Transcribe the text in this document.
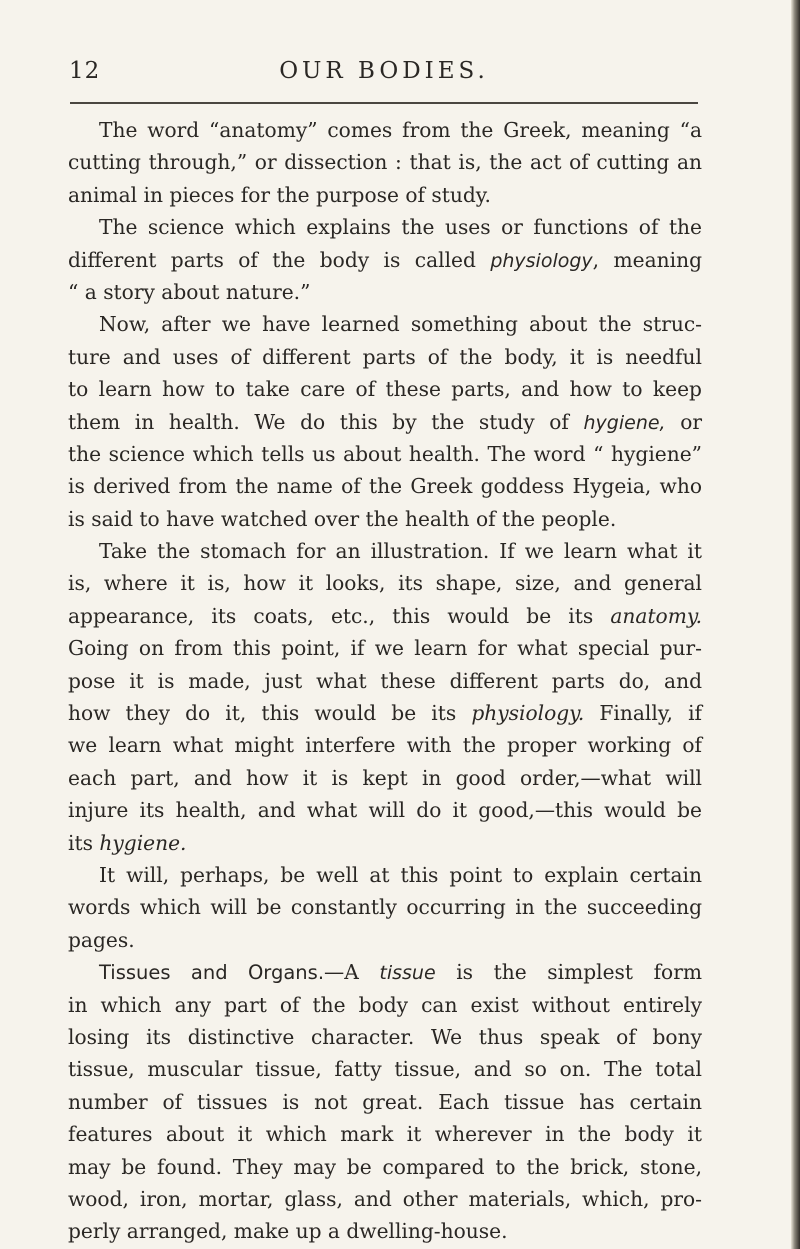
12	OUR BODIES.
The word “anatomy” comes from the Greek, meaning “a
cutting through,” or dissection : that is, the act of cutting an
animal in pieces for the purpose of study.
The science which explains the uses or functions of the
different parts of the body is called physiology, meaning
“ a story about nature.”
Now, after we have learned something about the struc-
ture and uses of different parts of the body, it is needful
to learn how to take care of these parts, and how to keep
them in health. We do this by the study of hygiene, or
the science which tells us about health. The word “ hygiene”
is derived from the name of the Greek goddess Hygeia, who
is said to have watched over the health of the people.
Take the stomach for an illustration. If we learn what it
is, where it is, how it looks, its shape, size, and general
appearance, its coats, etc., this would be its anatomy.
Going on from this point, if we learn for what special pur-
pose it is made, just what these different parts do, and
how they do it, this would be its physiology. Finally, if
we learn what might interfere with the proper working of
each part, and how it is kept in good order,—what will
injure its health, and what will do it good,—this would be
its hygiene.
It will, perhaps, be well at this point to explain certain
words which will be constantly occurring in the succeeding
pages.
Tissues and Organs.—A tissue is the simplest form
in which any part of the body can exist without entirely
losing its distinctive character. We thus speak of bony
tissue, muscular tissue, fatty tissue, and so on. The total
number of tissues is not great. Each tissue has certain
features about it which mark it wherever in the body it
may be found. They may be compared to the brick, stone,
wood, iron, mortar, glass, and other materials, which, pro-
perly arranged, make up a dwelling-house.
